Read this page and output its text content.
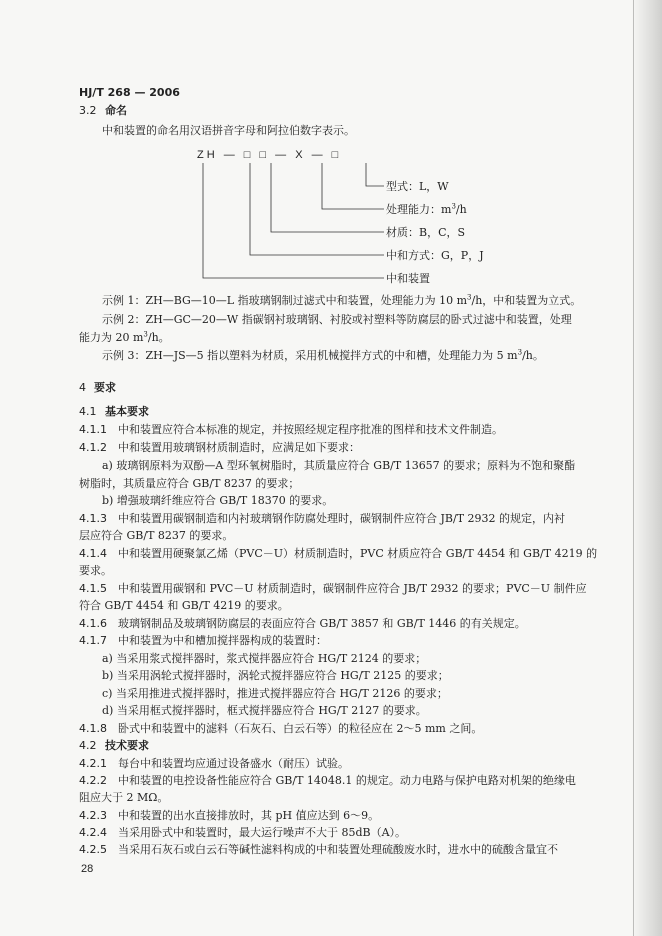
HJ/T 268 — 2006
3.2 命名
中和装置的命名用汉语拼音字母和阿拉伯数字表示。
ZH — □ □ — X — □
型式：L，W
处理能力：$m^3/h$
材质：B，C，S
中和方式：G，P，J
中和装置
示例 1：ZH—BG—10—L 指玻璃钢制过滤式中和装置，处理能力为 10 $m^3/h$，中和装置为立式。
示例 2：ZH—GC—20—W 指碳钢衬玻璃钢、衬胶或衬塑料等防腐层的卧式过滤中和装置，处理
能力为 20 $m^3/h$。
示例 3：ZH—JS—5 指以塑料为材质，采用机械搅拌方式的中和槽，处理能力为 5 $m^3/h$。
4 要求
4.1 基本要求
4.1.1 中和装置应符合本标准的规定，并按照经规定程序批准的图样和技术文件制造。
4.1.2 中和装置用玻璃钢材质制造时，应满足如下要求：
a) 玻璃钢原料为双酚—A 型环氧树脂时，其质量应符合 GB/T 13657 的要求；原料为不饱和聚酯
树脂时，其质量应符合 GB/T 8237 的要求；
b) 增强玻璃纤维应符合 GB/T 18370 的要求。
4.1.3 中和装置用碳钢制造和内衬玻璃钢作防腐处理时，碳钢制件应符合 JB/T 2932 的规定，内衬
层应符合 GB/T 8237 的要求。
4.1.4 中和装置用硬聚氯乙烯（PVC－U）材质制造时，PVC 材质应符合 GB/T 4454 和 GB/T 4219 的
要求。
4.1.5 中和装置用碳钢和 PVC－U 材质制造时，碳钢制件应符合 JB/T 2932 的要求；PVC－U 制件应
符合 GB/T 4454 和 GB/T 4219 的要求。
4.1.6 玻璃钢制品及玻璃钢防腐层的表面应符合 GB/T 3857 和 GB/T 1446 的有关规定。
4.1.7 中和装置为中和槽加搅拌器构成的装置时：
a) 当采用浆式搅拌器时，浆式搅拌器应符合 HG/T 2124 的要求；
b) 当采用涡轮式搅拌器时，涡轮式搅拌器应符合 HG/T 2125 的要求；
c) 当采用推进式搅拌器时，推进式搅拌器应符合 HG/T 2126 的要求；
d) 当采用框式搅拌器时，框式搅拌器应符合 HG/T 2127 的要求。
4.1.8 卧式中和装置中的滤料（石灰石、白云石等）的粒径应在 2～5 mm 之间。
4.2 技术要求
4.2.1 每台中和装置均应通过设备盛水（耐压）试验。
4.2.2 中和装置的电控设备性能应符合 GB/T 14048.1 的规定。动力电路与保护电路对机架的绝缘电
阻应大于 2 MΩ。
4.2.3 中和装置的出水直接排放时，其 pH 值应达到 6～9。
4.2.4 当采用卧式中和装置时，最大运行噪声不大于 85dB（A）。
4.2.5 当采用石灰石或白云石等碱性滤料构成的中和装置处理硫酸废水时，进水中的硫酸含量宜不
28
